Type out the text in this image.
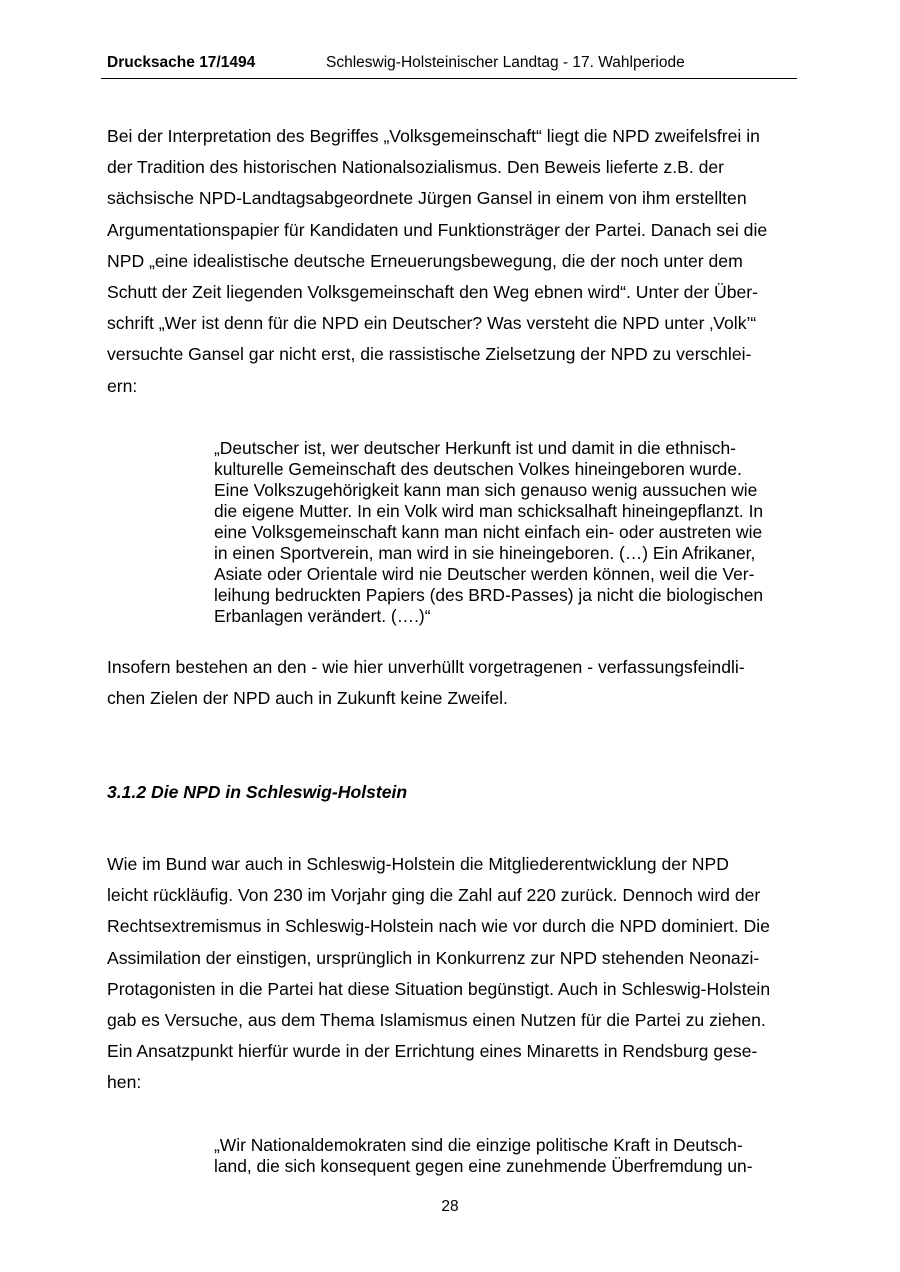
Drucksache 17/1494	Schleswig-Holsteinischer Landtag - 17. Wahlperiode

Bei der Interpretation des Begriffes „Volksgemeinschaft“ liegt die NPD zweifelsfrei in
der Tradition des historischen Nationalsozialismus. Den Beweis lieferte z.B. der
sächsische NPD-Landtagsabgeordnete Jürgen Gansel in einem von ihm erstellten
Argumentationspapier für Kandidaten und Funktionsträger der Partei. Danach sei die
NPD „eine idealistische deutsche Erneuerungsbewegung, die der noch unter dem
Schutt der Zeit liegenden Volksgemeinschaft den Weg ebnen wird“. Unter der Über-
schrift „Wer ist denn für die NPD ein Deutscher? Was versteht die NPD unter ‚Volk’“
versuchte Gansel gar nicht erst, die rassistische Zielsetzung der NPD zu verschlei-
ern:

„Deutscher ist, wer deutscher Herkunft ist und damit in die ethnisch-
kulturelle Gemeinschaft des deutschen Volkes hineingeboren wurde.
Eine Volkszugehörigkeit kann man sich genauso wenig aussuchen wie
die eigene Mutter. In ein Volk wird man schicksalhaft hineingepflanzt. In
eine Volksgemeinschaft kann man nicht einfach ein- oder austreten wie
in einen Sportverein, man wird in sie hineingeboren. (…) Ein Afrikaner,
Asiate oder Orientale wird nie Deutscher werden können, weil die Ver-
leihung bedruckten Papiers (des BRD-Passes) ja nicht die biologischen
Erbanlagen verändert. (….)“

Insofern bestehen an den - wie hier unverhüllt vorgetragenen - verfassungsfeindli-
chen Zielen der NPD auch in Zukunft keine Zweifel.

3.1.2 Die NPD in Schleswig-Holstein

Wie im Bund war auch in Schleswig-Holstein die Mitgliederentwicklung der NPD
leicht rückläufig. Von 230 im Vorjahr ging die Zahl auf 220 zurück. Dennoch wird der
Rechtsextremismus in Schleswig-Holstein nach wie vor durch die NPD dominiert. Die
Assimilation der einstigen, ursprünglich in Konkurrenz zur NPD stehenden Neonazi-
Protagonisten in die Partei hat diese Situation begünstigt. Auch in Schleswig-Holstein
gab es Versuche, aus dem Thema Islamismus einen Nutzen für die Partei zu ziehen.
Ein Ansatzpunkt hierfür wurde in der Errichtung eines Minaretts in Rendsburg gese-
hen:

„Wir Nationaldemokraten sind die einzige politische Kraft in Deutsch-
land, die sich konsequent gegen eine zunehmende Überfremdung un-

28
